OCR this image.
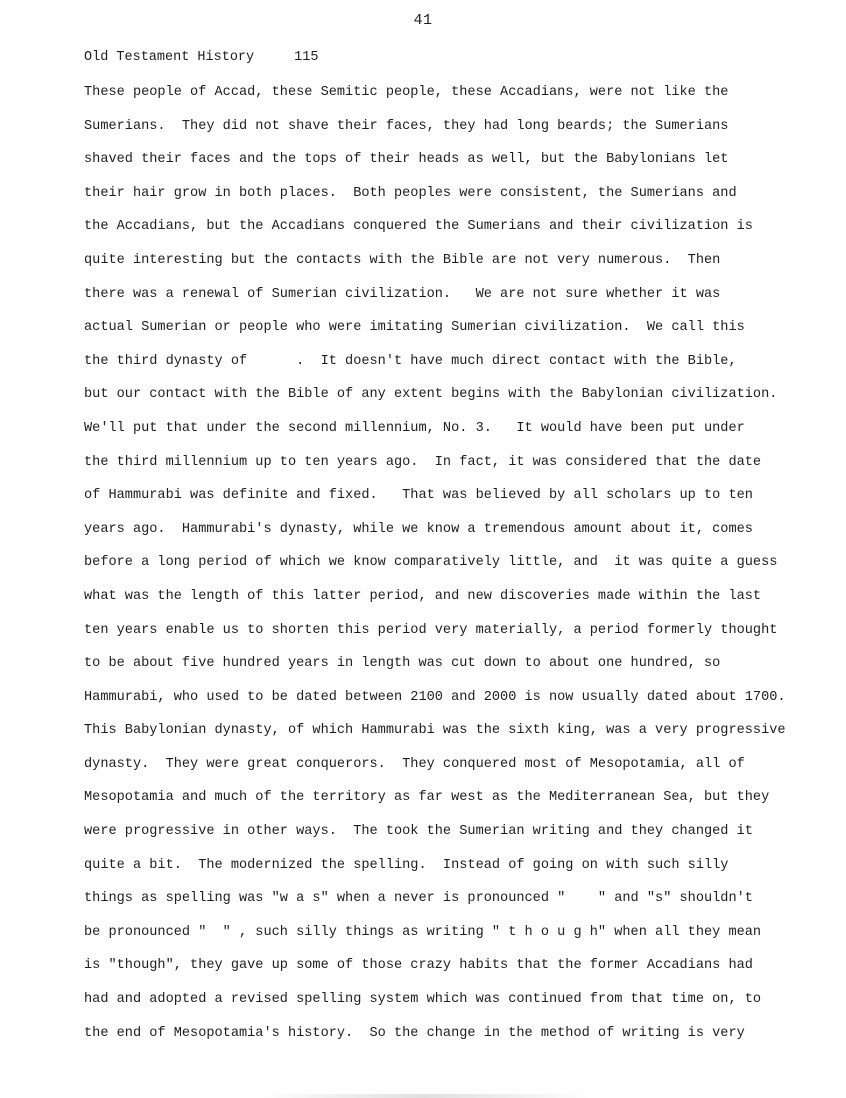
41
Old Testament History	115
These people of Accad, these Semitic people, these Accadians, were not like the
Sumerians.  They did not shave their faces, they had long beards; the Sumerians
shaved their faces and the tops of their heads as well, but the Babylonians let
their hair grow in both places.  Both peoples were consistent, the Sumerians and
the Accadians, but the Accadians conquered the Sumerians and their civilization is
quite interesting but the contacts with the Bible are not very numerous.  Then
there was a renewal of Sumerian civilization.   We are not sure whether it was
actual Sumerian or people who were imitating Sumerian civilization.  We call this
the third dynasty of      .  It doesn't have much direct contact with the Bible,
but our contact with the Bible of any extent begins with the Babylonian civilization.
We'll put that under the second millennium, No. 3.   It would have been put under
the third millennium up to ten years ago.  In fact, it was considered that the date
of Hammurabi was definite and fixed.   That was believed by all scholars up to ten
years ago.  Hammurabi's dynasty, while we know a tremendous amount about it, comes
before a long period of which we know comparatively little, and  it was quite a guess
what was the length of this latter period, and new discoveries made within the last
ten years enable us to shorten this period very materially, a period formerly thought
to be about five hundred years in length was cut down to about one hundred, so
Hammurabi, who used to be dated between 2100 and 2000 is now usually dated about 1700.
This Babylonian dynasty, of which Hammurabi was the sixth king, was a very progressive
dynasty.  They were great conquerors.  They conquered most of Mesopotamia, all of
Mesopotamia and much of the territory as far west as the Mediterranean Sea, but they
were progressive in other ways.  The took the Sumerian writing and they changed it
quite a bit.  The modernized the spelling.  Instead of going on with such silly
things as spelling was "w a s" when a never is pronounced "    " and "s" shouldn't
be pronounced "  " , such silly things as writing " t h o u g h" when all they mean
is "though", they gave up some of those crazy habits that the former Accadians had
had and adopted a revised spelling system which was continued from that time on, to
the end of Mesopotamia's history.  So the change in the method of writing is very
